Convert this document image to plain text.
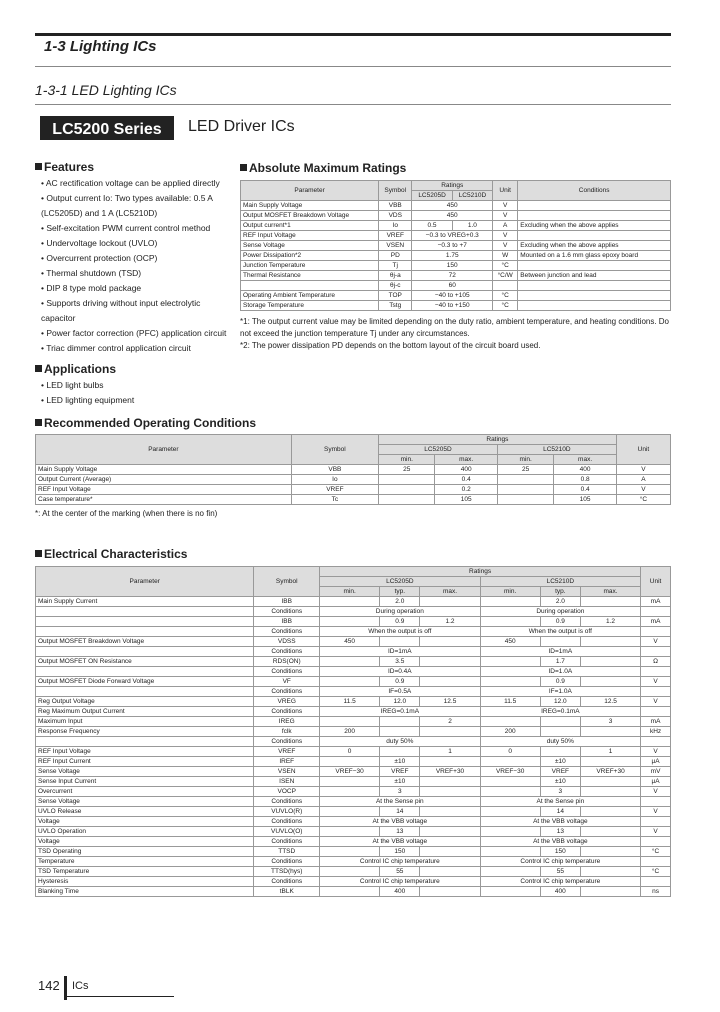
1-3 Lighting ICs
1-3-1 LED Lighting ICs
LC5200 Series	LED Driver ICs
Features
• AC rectification voltage can be applied directly
• Output current Io: Two types available: 0.5 A (LC5205D) and 1 A (LC5210D)
• Self-excitation PWM current control method
• Undervoltage lockout (UVLO)
• Overcurrent protection (OCP)
• Thermal shutdown (TSD)
• DIP 8 type mold package
• Supports driving without input electrolytic capacitor
• Power factor correction (PFC) application circuit
• Triac dimmer control application circuit
Applications
• LED light bulbs
• LED lighting equipment
Absolute Maximum Ratings
Parameter	Symbol	Ratings		Unit	Conditions
		LC5205D	LC5210D		
Main Supply Voltage	VBB	450		V	
Output MOSFET Breakdown Voltage	VDS	450		V	
Output current*1	Io	0.5	1.0	A	Excluding when the above applies
REF Input Voltage	VREF	−0.3 to VREG+0.3		V	
Sense Voltage	VSEN	−0.3 to +7		V	Excluding when the above applies
Power Dissipation*2	PD	1.75		W	Mounted on a 1.6 mm glass epoxy board
Junction Temperature	Tj	150		°C	
Thermal Resistance	θj-a	72		°C/W	Between junction and lead
	θj-c	60			
Operating Ambient Temperature	TOP	−40 to +105		°C	
Storage Temperature	Tstg	−40 to +150		°C	
*1: The output current value may be limited depending on the duty ratio, ambient temperature, and heating conditions. Do not exceed the junction temperature Tj under any circumstances.
*2: The power dissipation PD depends on the bottom layout of the circuit board used.
Recommended Operating Conditions
Parameter	Symbol	Ratings				Unit
		LC5205D		LC5210D		
		min.	max.	min.	max.	
Main Supply Voltage	VBB	25	400	25	400	V
Output Current (Average)	Io		0.4		0.8	A
REF Input Voltage	VREF		0.2		0.4	V
Case temperature*	Tc		105		105	°C
*: At the center of the marking (when there is no fin)
Electrical Characteristics
Parameter	Symbol	Ratings						Unit
		LC5205D			LC5210D			
		min.	typ.	max.	min.	typ.	max.	
Main Supply Current	IBB		2.0			2.0		mA
	Conditions	During operation			During operation			
	IBB		0.9	1.2		0.9	1.2	mA
	Conditions	When the output is off			When the output is off			
Output MOSFET Breakdown Voltage	VDSS	450			450			V
	Conditions	ID=1mA			ID=1mA			
Output MOSFET ON Resistance	RDS(ON)		3.5			1.7		Ω
	Conditions	ID=0.4A			ID=1.0A			
Output MOSFET Diode Forward Voltage	VF		0.9			0.9		V
	Conditions	IF=0.5A			IF=1.0A			
Reg Output Voltage	VREG	11.5	12.0	12.5	11.5	12.0	12.5	V
Reg Maximum Output Current	Conditions	IREG=0.1mA			IREG=0.1mA			
Maximum Input	IREG			2			3	mA
Response Frequency	fclk	200			200			kHz
	Conditions	duty 50%			duty 50%			
REF Input Voltage	VREF	0		1	0		1	V
REF Input Current	IREF		±10			±10		μA
Sense Voltage	VSEN	VREF−30	VREF	VREF+30	VREF−30	VREF	VREF+30	mV
Sense Input Current	ISEN		±10			±10		μA
Overcurrent	VOCP		3			3		V
Sense Voltage	Conditions	At the Sense pin			At the Sense pin			
UVLO Release	VUVLO(R)		14			14		V
Voltage	Conditions	At the VBB voltage			At the VBB voltage			
UVLO Operation	VUVLO(O)		13			13		V
Voltage	Conditions	At the VBB voltage			At the VBB voltage			
TSD Operating	TTSD		150			150		°C
Temperature	Conditions	Control IC chip temperature			Control IC chip temperature			
TSD Temperature	TTSD(hys)		55			55		°C
Hysteresis	Conditions	Control IC chip temperature			Control IC chip temperature			
Blanking Time	tBLK		400			400		ns
142 ICs
